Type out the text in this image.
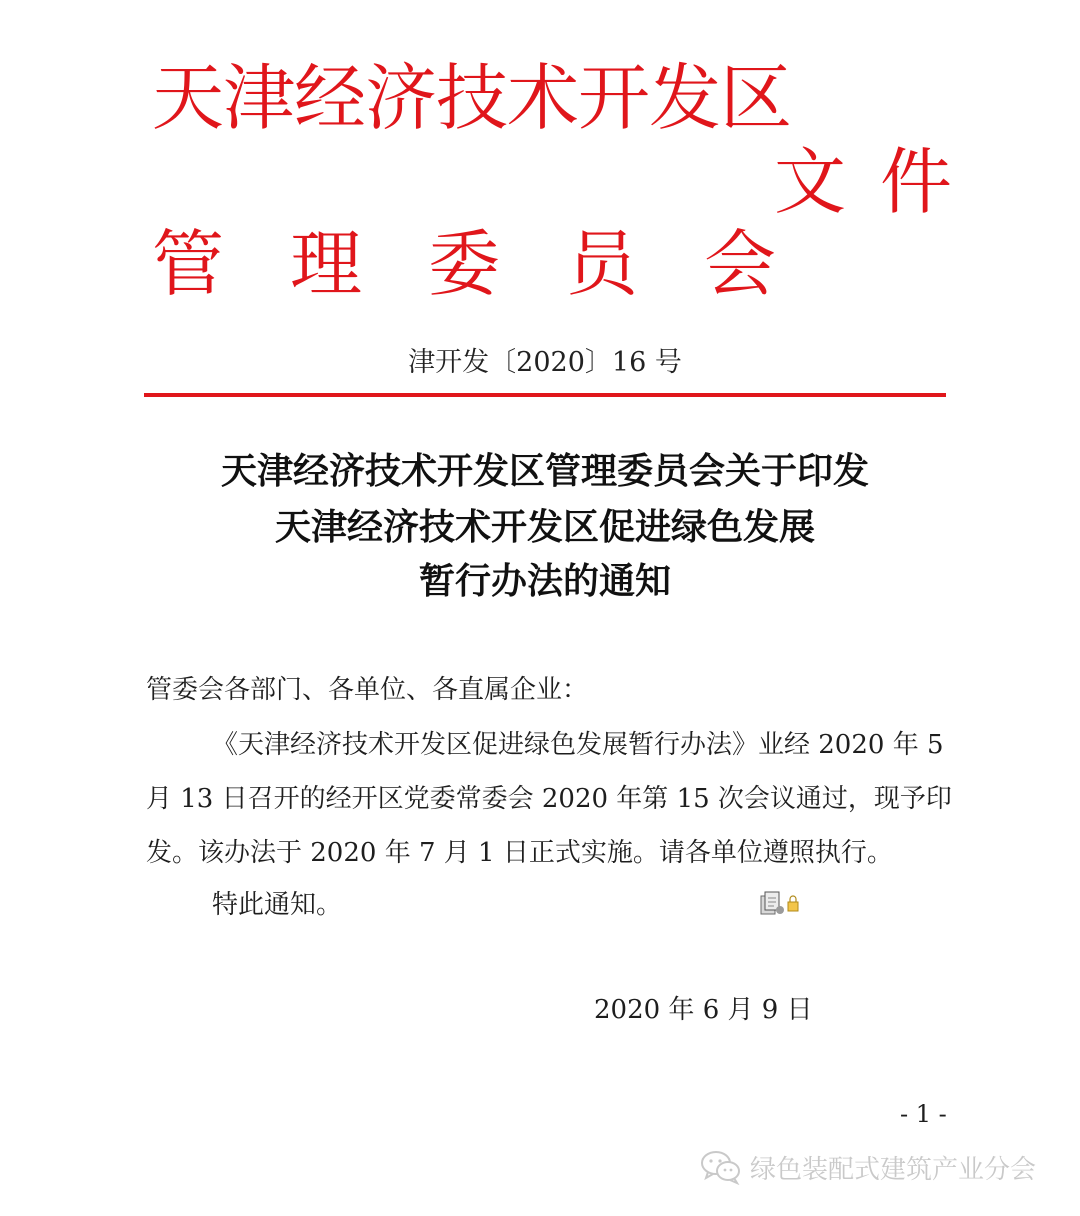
天津经济技术开发区
文件
管理委员会
津开发〔2020〕16 号
天津经济技术开发区管理委员会关于印发
天津经济技术开发区促进绿色发展
暂行办法的通知
管委会各部门、各单位、各直属企业：
《天津经济技术开发区促进绿色发展暂行办法》业经 2020 年 5
月 13 日召开的经开区党委常委会 2020 年第 15 次会议通过，现予印
发。该办法于 2020 年 7 月 1 日正式实施。请各单位遵照执行。
特此通知。
2020 年 6 月 9 日
- 1 -
绿色装配式建筑产业分会
